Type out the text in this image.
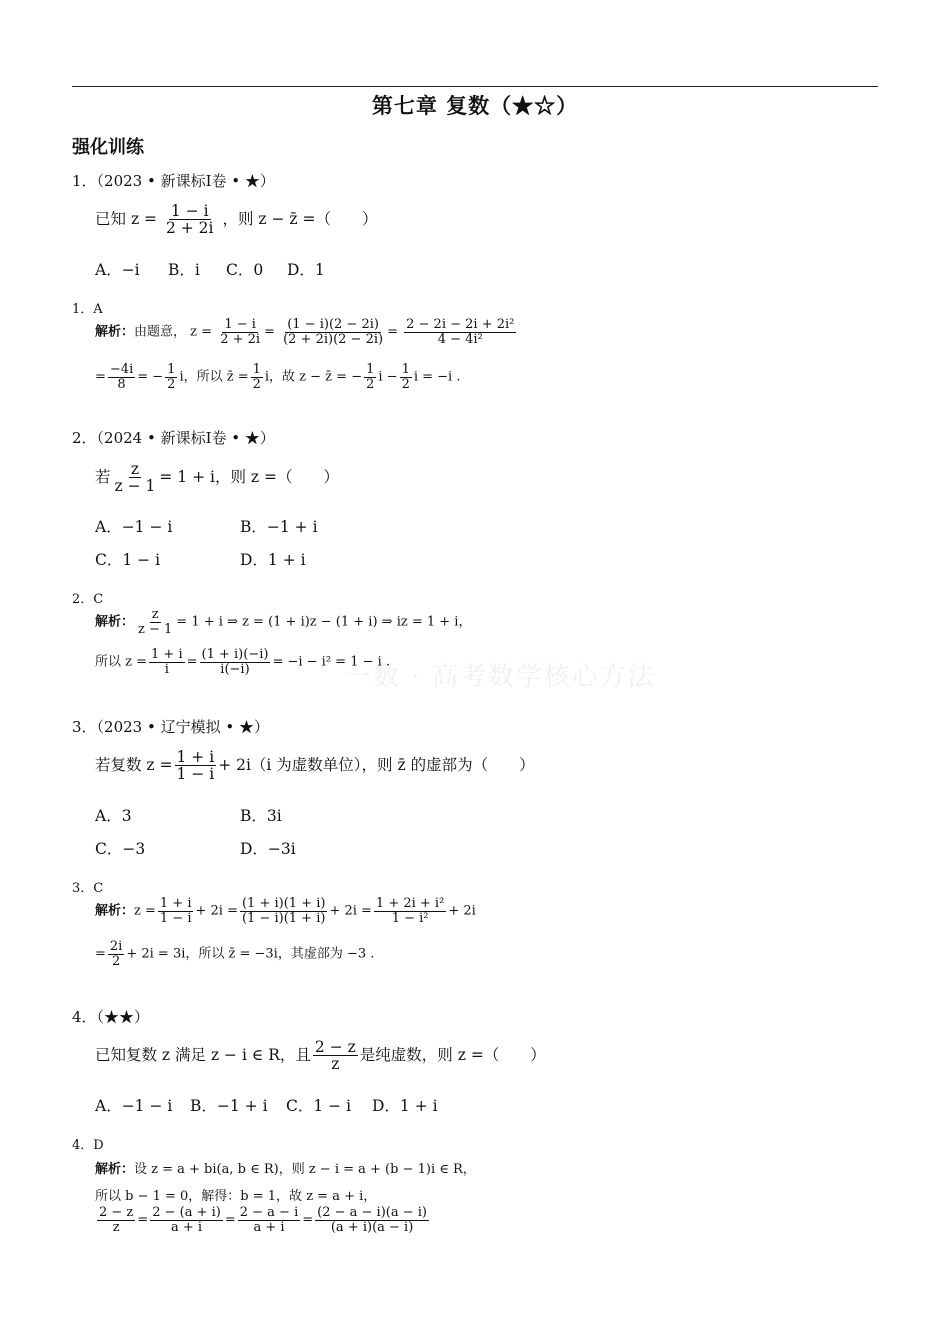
第七章 复数（★☆）
强化训练
一数 · 高考数学核心方法
1．（2023 • 新课标Ⅰ卷 • ★）
已知 $z = \frac{1 - i}{2 + 2i}$ ，则 z − z̄ =（　　）
A．−i B．i C．0 D．1
1．A
解析：由题意， $z = \frac{1 - i}{2 + 2i} = \frac{(1 - i)(2 - 2i)}{(2 + 2i)(2 - 2i)} = \frac{\text{2 − 2i − 2i + 2i²}}{\text{4 − 4i²}}$
= $\frac{-4i}{8}$ = − $\frac{1}{2}$ i，所以 z̄ = $\frac{1}{2}$ i，故 z − z̄ = − $\frac{1}{2}$ $i - \frac{1}{2}$ i = −i .
2．（2024 • 新课标Ⅰ卷 • ★）
若 $\frac{z}{z - 1} = 1 + i$，则 z =（　　）
A．−1 − i	B．−1 + i
C．1 − i	D．1 + i
2．C
解析： $\frac{z}{z - 1} = 1 + i$ ⇒ z = (1 + i)z − (1 + i) ⇒ iz = 1 + i，
所以 $z = \frac{1 + i}{i} = \frac{(1 + i)(-i)}{i(-i)} = -i - i^2 = 1 - i$ .
3．（2023 • 辽宁模拟 • ★）
若复数 $z = \frac{1 + i}{1 - i} + 2i(i$ 为虚数单位），则 z̄ 的虚部为（　　）
A．3	B．3i
C．−3	D．−3i
3．C
解析：$z = \frac{1 + i}{1 - i} + 2i = \frac{(1 + i)(1 + i)}{(1 - i)(1 + i)} + 2i = \frac{\text{1 + 2i + i²}}{\text{1 − i²}} + 2i$
= $\frac{2i}{2} + 2i = 3i$，所以 z̄ = −3i，其虚部为 −3 .
4．（★★）
已知复数 z 满足 z − i ∈ R，且 $\frac{2 - z}{z}$ 是纯虚数，则 z =（　　）
A．−1 − i B．−1 + i C．1 − i D．1 + i
4．D
解析：设 z = a + bi(a, b ∈ R)，则 z − i = a + (b − 1)i ∈ R，
所以 b − 1 = 0，解得：b = 1，故 z = a + i，
$\frac{2 - z}{z} = \frac{2 - (a + i)}{a + i} = \frac{2 - a - i}{a + i} = \frac{(2 - a - i)(a - i)}{(a + i)(a - i)}$
